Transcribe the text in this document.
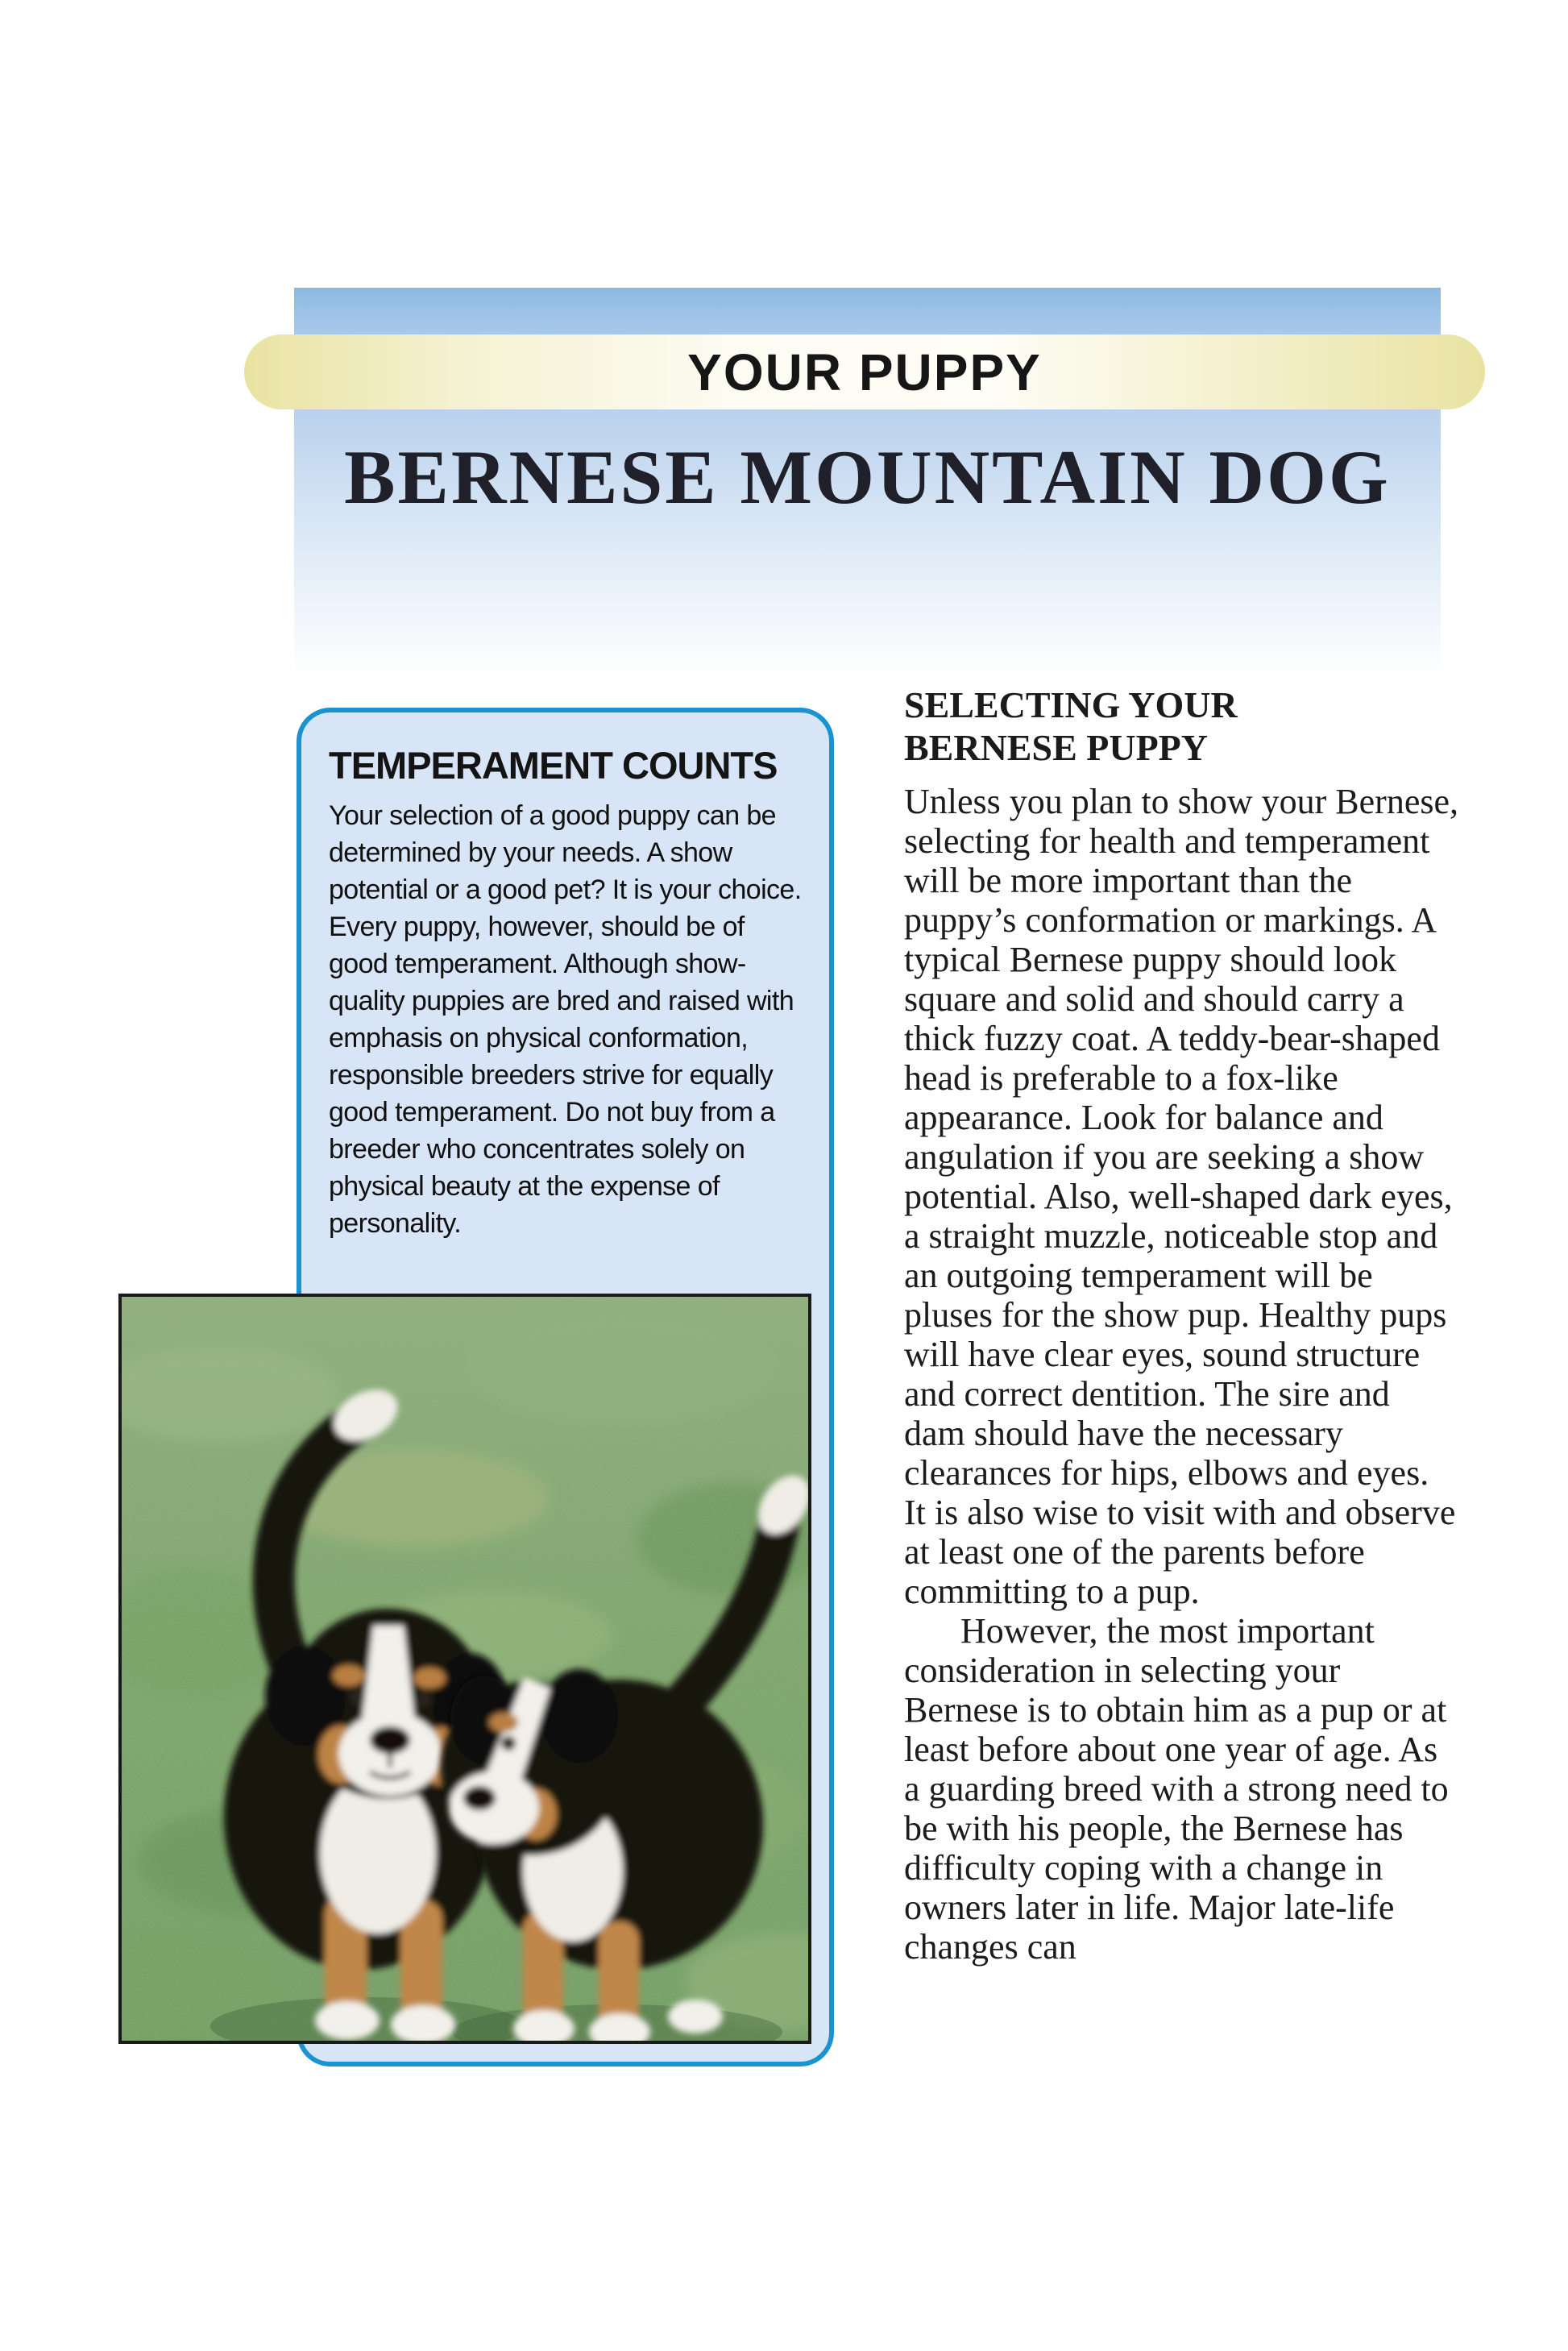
YOUR PUPPY
BERNESE MOUNTAIN DOG
TEMPERAMENT COUNTS

Your selection of a good puppy can be determined by your needs. A show potential or a good pet? It is your choice. Every puppy, however, should be of good temperament. Although show-quality puppies are bred and raised with emphasis on physical conformation, responsible breeders strive for equally good temperament. Do not buy from a breeder who concentrates solely on physical beauty at the expense of personality.

SELECTING YOUR
BERNESE PUPPY

Unless you plan to show your Bernese, selecting for health and temperament will be more important than the puppy’s conformation or markings. A typical Bernese puppy should look square and solid and should carry a thick fuzzy coat. A teddy-bear-shaped head is preferable to a fox-like appearance. Look for balance and angulation if you are seeking a show potential. Also, well-shaped dark eyes, a straight muzzle, noticeable stop and an outgoing temperament will be pluses for the show pup. Healthy pups will have clear eyes, sound structure and correct dentition. The sire and dam should have the necessary clearances for hips, elbows and eyes. It is also wise to visit with and observe at least one of the parents before committing to a pup.

However, the most important consideration in selecting your Bernese is to obtain him as a pup or at least before about one year of age. As a guarding breed with a strong need to be with his people, the Bernese has difficulty coping with a change in owners later in life. Major late-life changes can
